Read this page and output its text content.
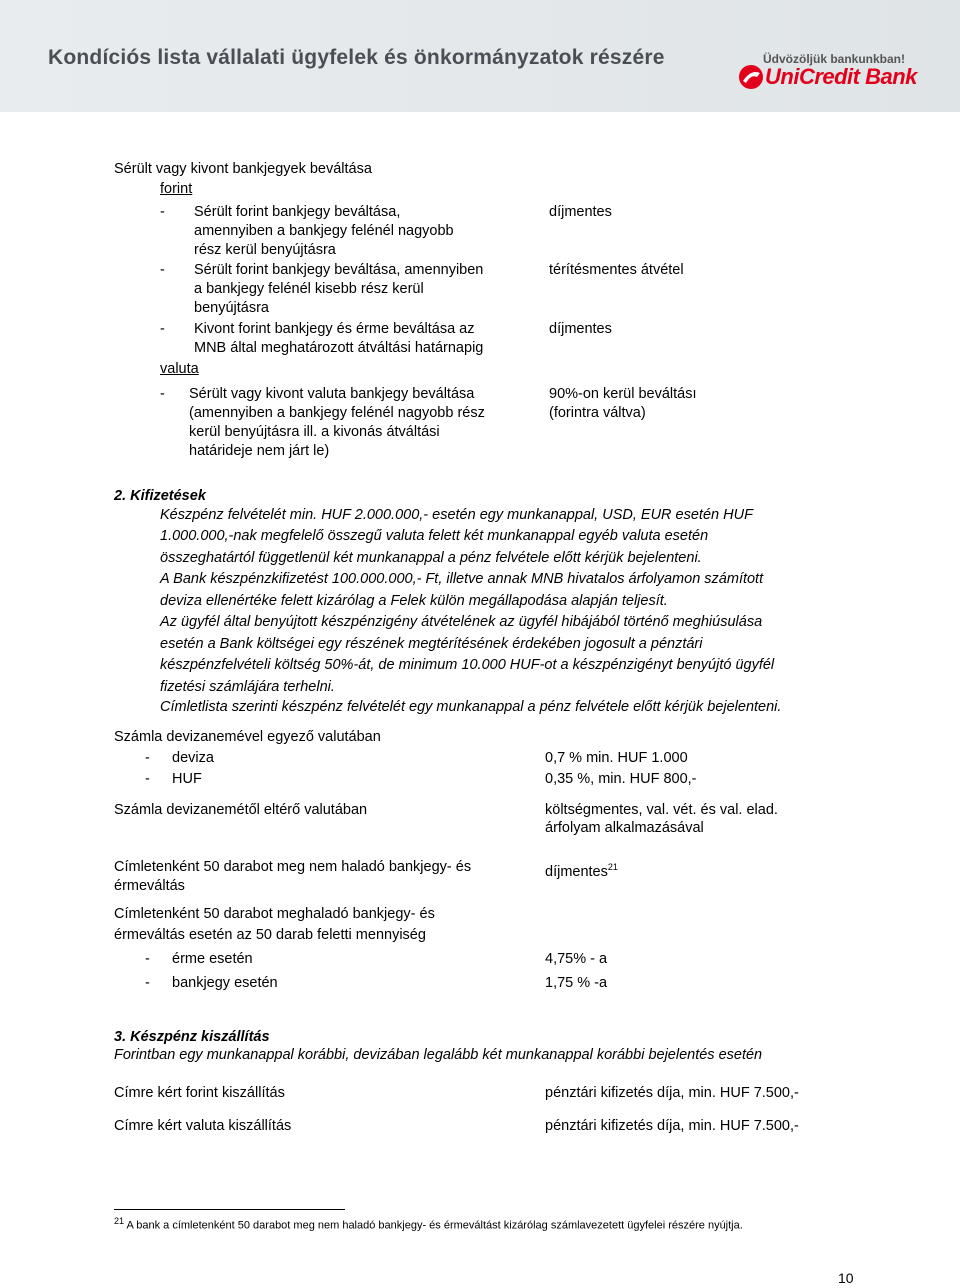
Kondíciós lista vállalati ügyfelek és önkormányzatok részére	Üdvözöljük bankunkban!
UniCredit Bank
Sérült vagy kivont bankjegyek beváltása
forint
- Sérült forint bankjegy beváltása,
amennyiben a bankjegy felénél nagyobb
rész kerül benyújtásra
díjmentes
- Sérült forint bankjegy beváltása, amennyiben
a bankjegy felénél kisebb rész kerül
benyújtásra
térítésmentes átvétel
- Kivont forint bankjegy és érme beváltása az
MNB által meghatározott átváltási határnapig
díjmentes
valuta
- Sérült vagy kivont valuta bankjegy beváltása
(amennyiben a bankjegy felénél nagyobb rész
kerül benyújtásra ill. a kivonás átváltási
határideje nem járt le)
90%-on kerül beváltásı
(forintra váltva)
2. Kifizetések
Készpénz felvételét min. HUF 2.000.000,- esetén egy munkanappal, USD, EUR esetén HUF
1.000.000,-nak megfelelő összegű valuta felett két munkanappal egyéb valuta esetén
összeghatártól függetlenül két munkanappal a pénz felvétele előtt kérjük bejelenteni.
A Bank készpénzkifizetést 100.000.000,- Ft, illetve annak MNB hivatalos árfolyamon számított
deviza ellenértéke felett kizárólag a Felek külön megállapodása alapján teljesít.
Az ügyfél által benyújtott készpénzigény átvételének az ügyfél hibájából történő meghiúsulása
esetén a Bank költségei egy részének megtérítésének érdekében jogosult a pénztári
készpénzfelvételi költség 50%-át, de minimum 10.000 HUF-ot a készpénzigényt benyújtó ügyfél
fizetési számlájára terhelni.
Címletlista szerinti készpénz felvételét egy munkanappal a pénz felvétele előtt kérjük bejelenteni.
Számla devizanemével egyező valutában
- deviza	0,7 % min. HUF 1.000
- HUF	0,35 %, min. HUF 800,-
Számla devizanemétől eltérő valutában	költségmentes, val. vét. és val. elad.
árfolyam alkalmazásával
Címletenként 50 darabot meg nem haladó bankjegy- és
érmeváltás
díjmentes$^{21}$
Címletenként 50 darabot meghaladó bankjegy- és
érmeváltás esetén az 50 darab feletti mennyiség
- érme esetén	4,75% - a
- bankjegy esetén	1,75 % -a
3. Készpénz kiszállítás
Forintban egy munkanappal korábbi, devizában legalább két munkanappal korábbi bejelentés esetén
Címre kért forint kiszállítás	pénztári kifizetés díja, min. HUF 7.500,-
Címre kért valuta kiszállítás	pénztári kifizetés díja, min. HUF 7.500,-
$^{21}$ A bank a címletenként 50 darabot meg nem haladó bankjegy- és érmeváltást kizárólag számlavezetett ügyfelei részére nyújtja.
10
